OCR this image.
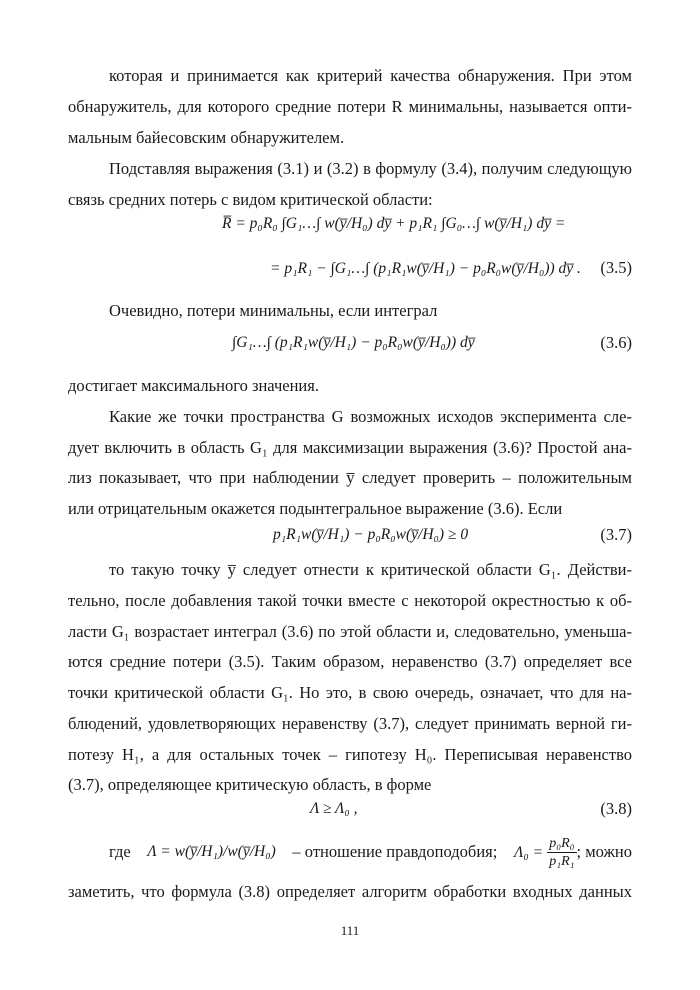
которая и принимается как критерий качества обнаружения. При этом
обнаружитель, для которого средние потери R минимальны, называется опти-
мальным байесовским обнаружителем.
Подставляя выражения (3.1) и (3.2) в формулу (3.4), получим следующую
связь средних потерь с видом критической области:
R̅ = p₀R₀ ∫G₁…∫ w(y̅/H₀) dy̅ + p₁R₁ ∫G₀…∫ w(y̅/H₁) dy̅ =
= p₁R₁ − ∫G₁…∫ (p₁R₁w(y̅/H₁) − p₀R₀w(y̅/H₀)) dy̅ .	(3.5)
Очевидно, потери минимальны, если интеграл
∫G₁…∫ (p₁R₁w(y̅/H₁) − p₀R₀w(y̅/H₀)) dy̅	(3.6)
достигает максимального значения.
Какие же точки пространства G возможных исходов эксперимента сле-
дует включить в область G₁ для максимизации выражения (3.6)? Простой ана-
лиз показывает, что при наблюдении y̅ следует проверить – положительным
или отрицательным окажется подынтегральное выражение (3.6). Если
p₁R₁w(y̅/H₁) − p₀R₀w(y̅/H₀) ≥ 0	(3.7)
то такую точку y̅ следует отнести к критической области G₁. Действи-
тельно, после добавления такой точки вместе с некоторой окрестностью к об-
ласти G₁ возрастает интеграл (3.6) по этой области и, следовательно, уменьша-
ются средние потери (3.5). Таким образом, неравенство (3.7) определяет все
точки критической области G₁. Но это, в свою очередь, означает, что для на-
блюдений, удовлетворяющих неравенству (3.7), следует принимать верной ги-
потезу H₁, а для остальных точек – гипотезу H₀. Переписывая неравенство
(3.7), определяющее критическую область, в форме
Λ ≥ Λ₀ ,	(3.8)
где Λ = w(y̅/H₁)/w(y̅/H₀) – отношение правдоподобия; $\Lambda_0 = \frac{\text{p₀R₀}}{\text{p₁R₁}}$ ; можно
заметить, что формула (3.8) определяет алгоритм обработки входных данных
111
